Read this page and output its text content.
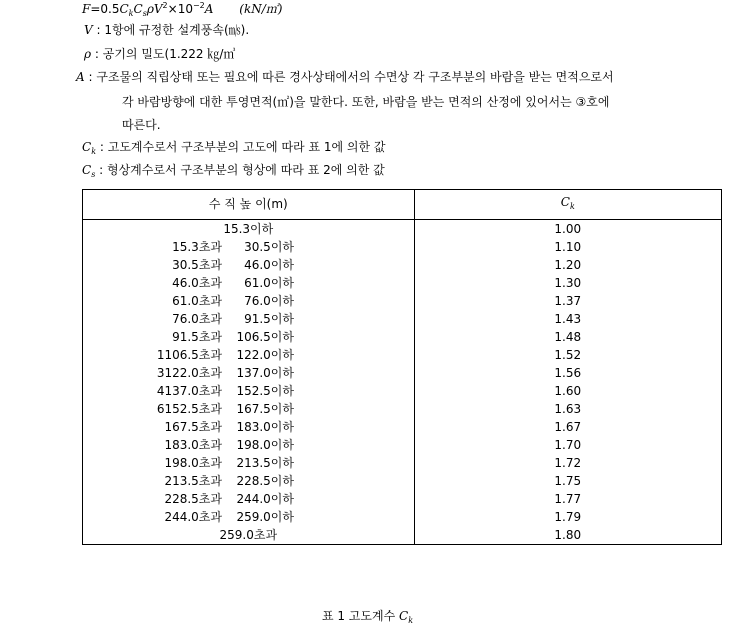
$F=0.5C_kC_s\rho V^2\times 10^{-2}A$ (kN/㎡)
V : 1항에 규정한 설계풍속(㎧).
ρ : 공기의 밀도(1.222 ㎏/㎥
A : 구조물의 직립상태 또는 필요에 따른 경사상태에서의 수면상 각 구조부분의 바람을 받는 면적으로서
각 바람방향에 대한 투영면적(㎡)을 말한다. 또한, 바람을 받는 면적의 산정에 있어서는 ③호에
따른다.
$C_k$ : 고도계수로서 구조부분의 고도에 따라 표 1에 의한 값
$C_s$ : 형상계수로서 구조부분의 형상에 따라 표 2에 의한 값
수 직 높 이(m)	$C_k$

15.3이하	1.00
15.3초과 30.5이하	1.10
30.5초과 46.0이하	1.20
46.0초과 61.0이하	1.30
61.0초과 76.0이하	1.37
76.0초과 91.5이하	1.43
91.5초과 106.5이하	1.48
1106.5초과 122.0이하	1.52
3122.0초과 137.0이하	1.56
4137.0초과 152.5이하	1.60
6152.5초과 167.5이하	1.63
167.5초과 183.0이하	1.67
183.0초과 198.0이하	1.70
198.0초과 213.5이하	1.72
213.5초과 228.5이하	1.75
228.5초과 244.0이하	1.77
244.0초과 259.0이하	1.79

259.0초과	1.80
표 1 고도계수 $C_k$
